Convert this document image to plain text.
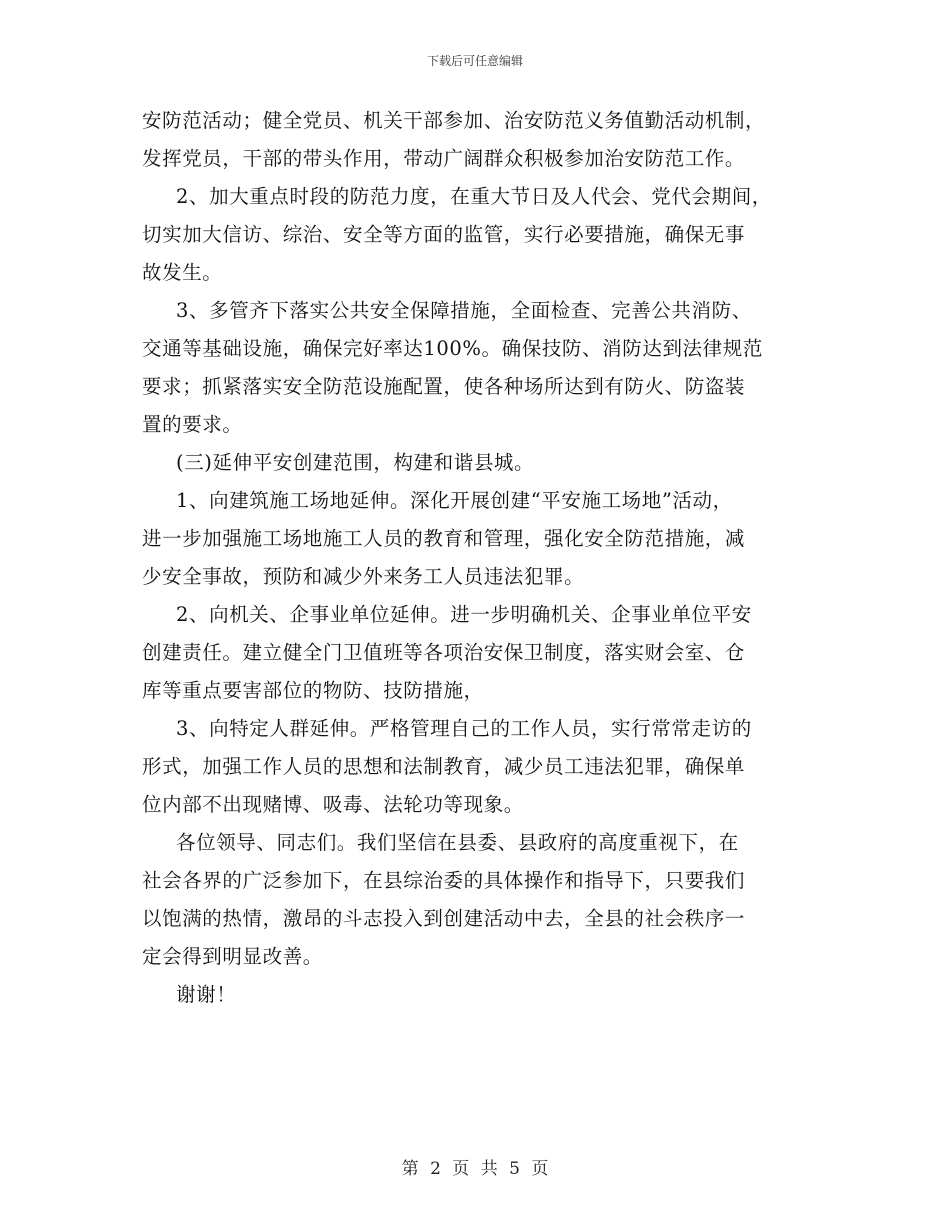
下载后可任意编辑
安防范活动；健全党员、机关干部参加、治安防范义务值勤活动机制，
发挥党员，干部的带头作用，带动广阔群众积极参加治安防范工作。
2、加大重点时段的防范力度，在重大节日及人代会、党代会期间，
切实加大信访、综治、安全等方面的监管，实行必要措施，确保无事
故发生。
3、多管齐下落实公共安全保障措施，全面检查、完善公共消防、
交通等基础设施，确保完好率达100%。确保技防、消防达到法律规范
要求；抓紧落实安全防范设施配置，使各种场所达到有防火、防盗装
置的要求。
(三)延伸平安创建范围，构建和谐县城。
1、向建筑施工场地延伸。深化开展创建“平安施工场地”活动，
进一步加强施工场地施工人员的教育和管理，强化安全防范措施，减
少安全事故，预防和减少外来务工人员违法犯罪。
2、向机关、企事业单位延伸。进一步明确机关、企事业单位平安
创建责任。建立健全门卫值班等各项治安保卫制度，落实财会室、仓
库等重点要害部位的物防、技防措施，
3、向特定人群延伸。严格管理自己的工作人员，实行常常走访的
形式，加强工作人员的思想和法制教育，减少员工违法犯罪，确保单
位内部不出现赌博、吸毒、法轮功等现象。
各位领导、同志们。我们坚信在县委、县政府的高度重视下，在
社会各界的广泛参加下，在县综治委的具体操作和指导下，只要我们
以饱满的热情，激昂的斗志投入到创建活动中去，全县的社会秩序一
定会得到明显改善。
谢谢！
第 2 页 共 5 页
